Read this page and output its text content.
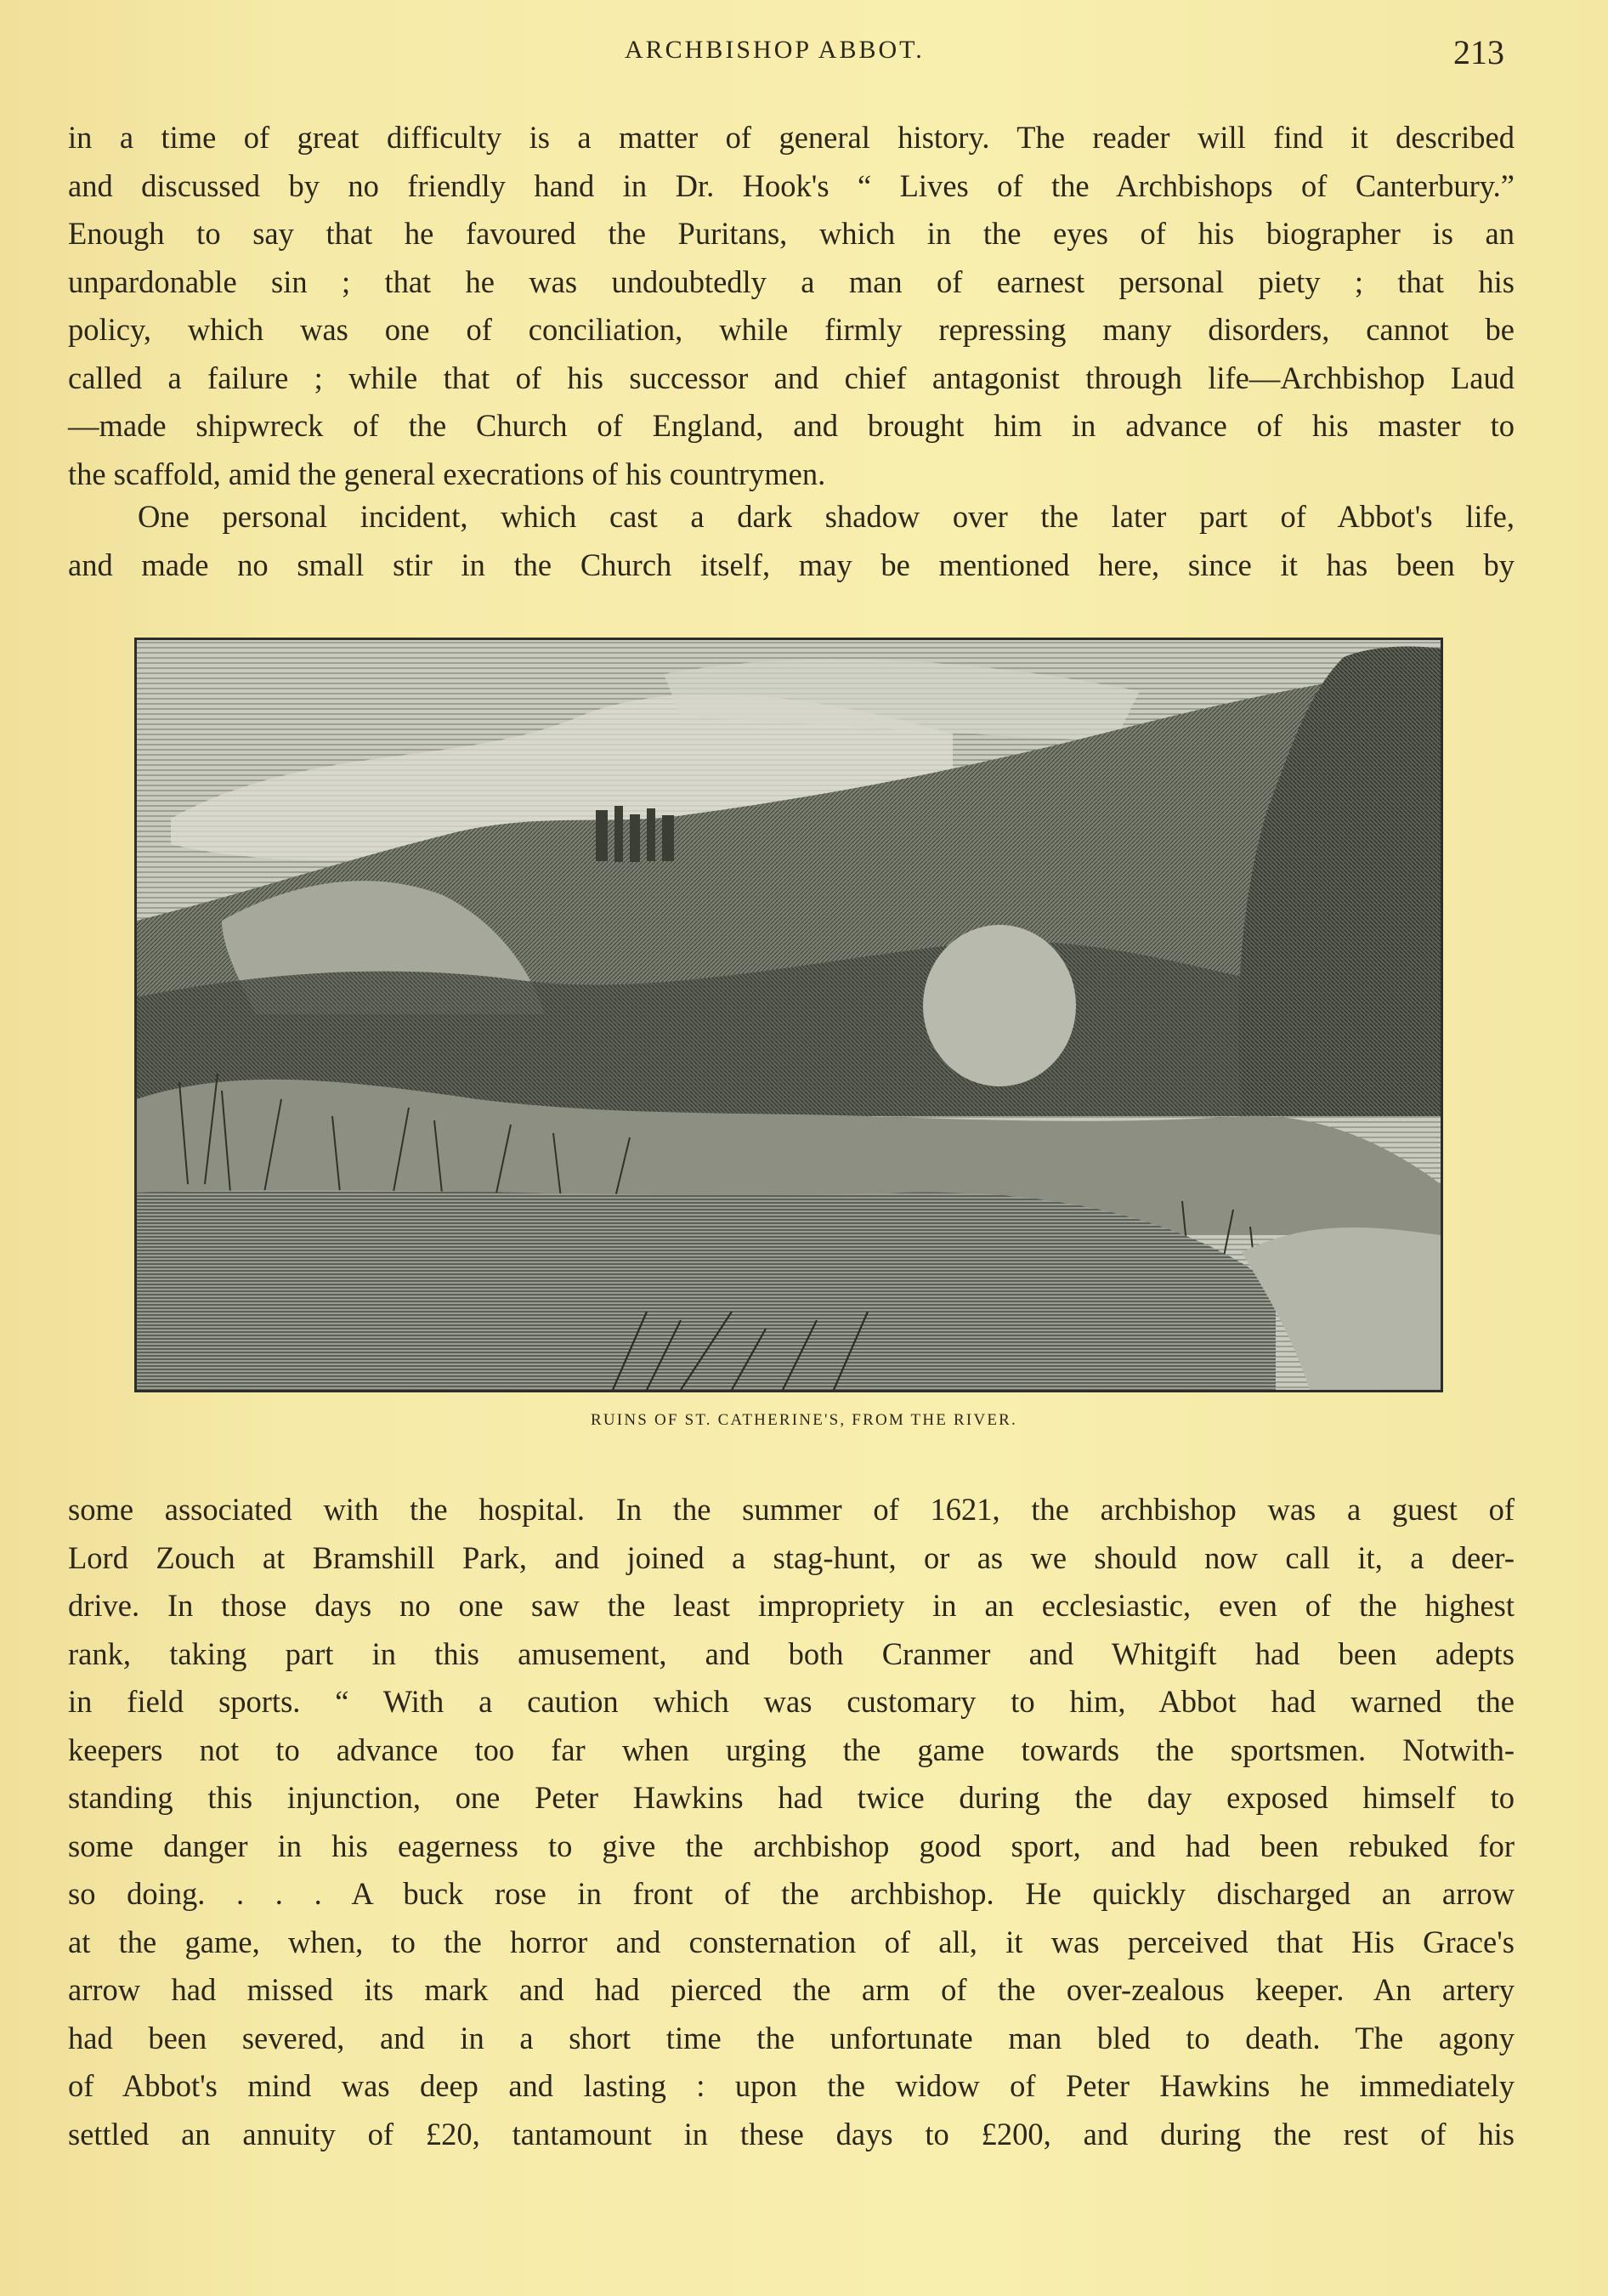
ARCHBISHOP ABBOT.	213
in a time of great difficulty is a matter of general history. The reader will find it described
and discussed by no friendly hand in Dr. Hook's “ Lives of the Archbishops of Canterbury.”
Enough to say that he favoured the Puritans, which in the eyes of his biographer is an
unpardonable sin ; that he was undoubtedly a man of earnest personal piety ; that his
policy, which was one of conciliation, while firmly repressing many disorders, cannot be
called a failure ; while that of his successor and chief antagonist through life—Archbishop Laud
—made shipwreck of the Church of England, and brought him in advance of his master to
the scaffold, amid the general execrations of his countrymen.
One personal incident, which cast a dark shadow over the later part of Abbot's life,
and made no small stir in the Church itself, may be mentioned here, since it has been by
RUINS OF ST. CATHERINE'S, FROM THE RIVER.
some associated with the hospital. In the summer of 1621, the archbishop was a guest of
Lord Zouch at Bramshill Park, and joined a stag-hunt, or as we should now call it, a deer-
drive. In those days no one saw the least impropriety in an ecclesiastic, even of the highest
rank, taking part in this amusement, and both Cranmer and Whitgift had been adepts
in field sports. “ With a caution which was customary to him, Abbot had warned the
keepers not to advance too far when urging the game towards the sportsmen. Notwith-
standing this injunction, one Peter Hawkins had twice during the day exposed himself to
some danger in his eagerness to give the archbishop good sport, and had been rebuked for
so doing. . . . A buck rose in front of the archbishop. He quickly discharged an arrow
at the game, when, to the horror and consternation of all, it was perceived that His Grace's
arrow had missed its mark and had pierced the arm of the over-zealous keeper. An artery
had been severed, and in a short time the unfortunate man bled to death. The agony
of Abbot's mind was deep and lasting : upon the widow of Peter Hawkins he immediately
settled an annuity of £20, tantamount in these days to £200, and during the rest of his
